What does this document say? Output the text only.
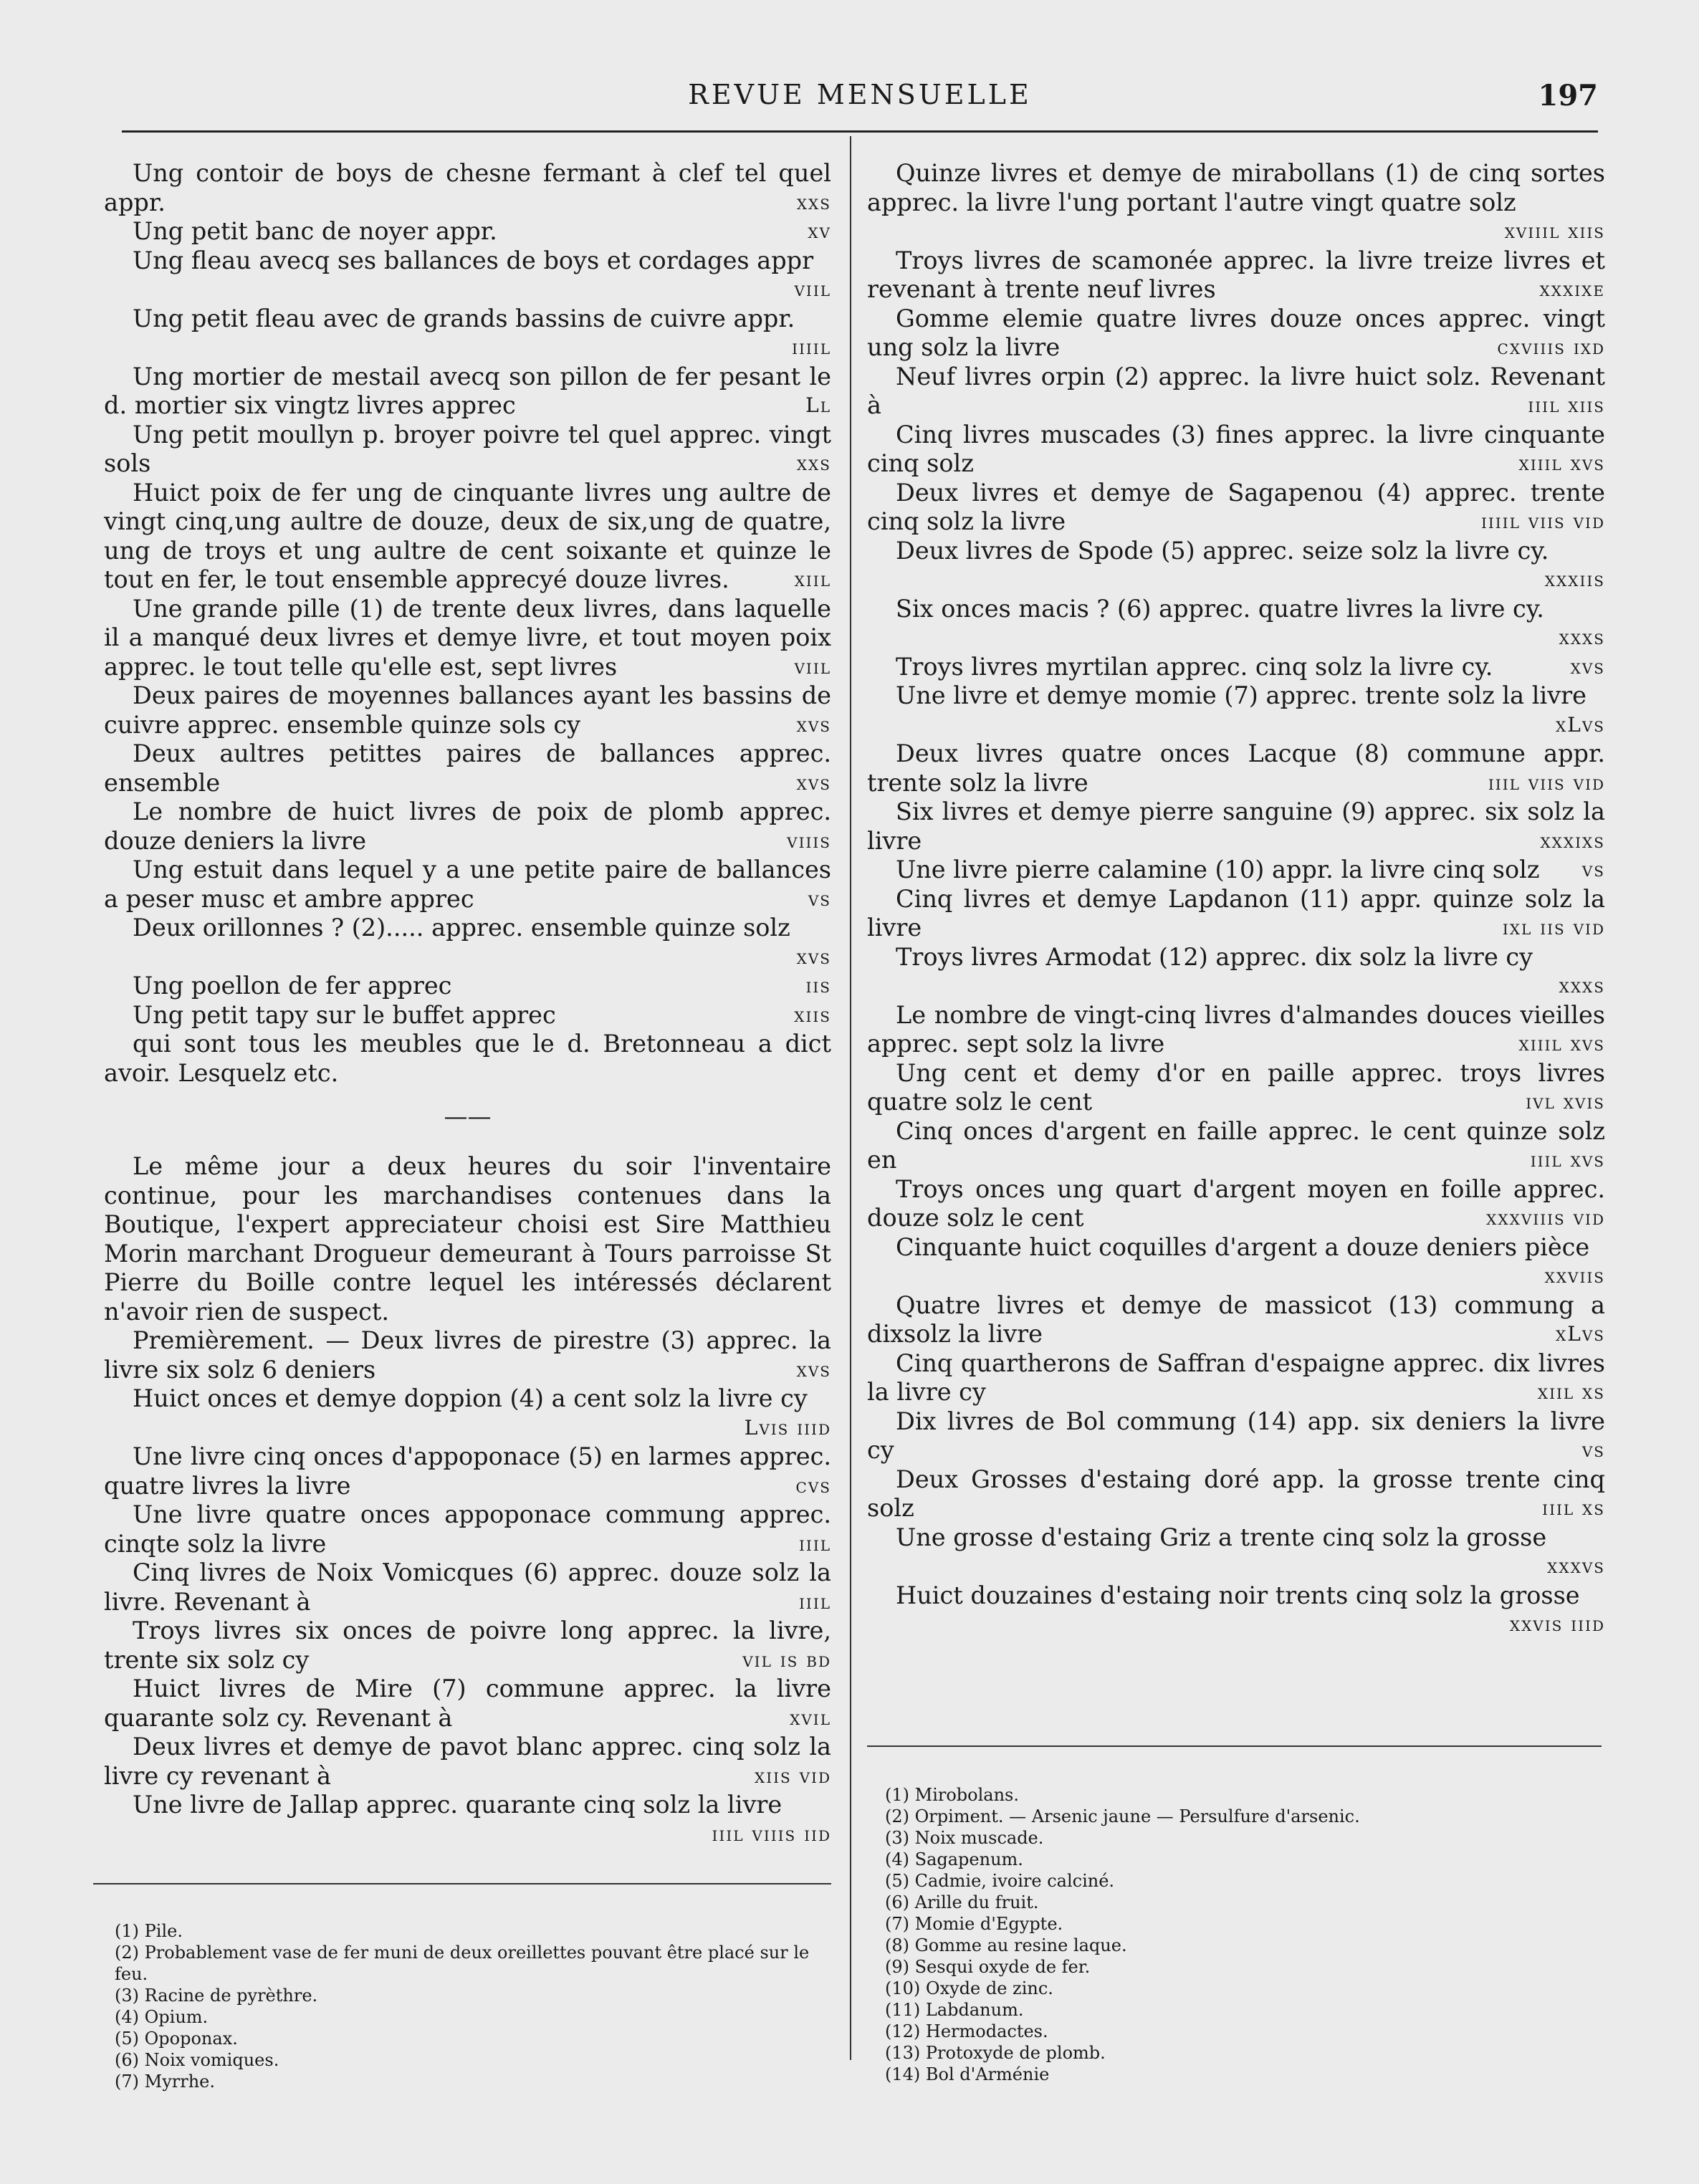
REVUE MENSUELLE	197
Ung contoir de boys de chesne fermant à clef tel quel appr.	xxs
Ung petit banc de noyer appr.	xv
Ung fleau avecq ses ballances de boys et cordages appr
viil
Ung petit fleau avec de grands bassins de cuivre appr.
iiiil
Ung mortier de mestail avecq son pillon de fer pesant le d. mortier six vingtz livres apprec	Ll
Ung petit moullyn p. broyer poivre tel quel apprec. vingt sols	xxs
Huict poix de fer ung de cinquante livres ung aultre de vingt cinq,ung aultre de douze, deux de six,ung de quatre, ung de troys et ung aultre de cent soixante et quinze le tout en fer, le tout ensemble apprecyé douze livres.	xiil
Une grande pille (1) de trente deux livres, dans laquelle il a manqué deux livres et demye livre, et tout moyen poix apprec. le tout telle qu'elle est, sept livres	viil
Deux paires de moyennes ballances ayant les bassins de cuivre apprec. ensemble quinze sols cy	xvs
Deux aultres petittes paires de ballances apprec. ensemble	xvs
Le nombre de huict livres de poix de plomb apprec. douze deniers la livre	viiis
Ung estuit dans lequel y a une petite paire de ballances a peser musc et ambre apprec	vs
Deux orillonnes ? (2)..... apprec. ensemble quinze solz
xvs
Ung poellon de fer apprec	iis
Ung petit tapy sur le buffet apprec	xiis
qui sont tous les meubles que le d. Bretonneau a dict avoir. Lesquelz etc.
——
Le même jour a deux heures du soir l'inventaire continue, pour les marchandises contenues dans la Boutique, l'expert appreciateur choisi est Sire Matthieu Morin marchant Drogueur demeurant à Tours parroisse St Pierre du Boille contre lequel les intéressés déclarent n'avoir rien de suspect.
Premièrement. — Deux livres de pirestre (3) apprec. la livre six solz 6 deniers	xvs
Huict onces et demye doppion (4) a cent solz la livre cy
Lvis iiid
Une livre cinq onces d'appoponace (5) en larmes apprec. quatre livres la livre	cvs
Une livre quatre onces appoponace commung apprec. cinqte solz la livre	iiil
Cinq livres de Noix Vomicques (6) apprec. douze solz la livre. Revenant à	iiil
Troys livres six onces de poivre long apprec. la livre, trente six solz cy	vil is bd
Huict livres de Mire (7) commune apprec. la livre quarante solz cy. Revenant à	xvil
Deux livres et demye de pavot blanc apprec. cinq solz la livre cy revenant à	xiis vid
Une livre de Jallap apprec. quarante cinq solz la livre
iiil viiis iid
(1) Pile.
(2) Probablement vase de fer muni de deux oreillettes pouvant être placé sur le feu.
(3) Racine de pyrèthre.
(4) Opium.
(5) Opoponax.
(6) Noix vomiques.
(7) Myrrhe.
Quinze livres et demye de mirabollans (1) de cinq sortes apprec. la livre l'ung portant l'autre vingt quatre solz
xviiil xiis
Troys livres de scamonée apprec. la livre treize livres et revenant à trente neuf livres	xxxixe
Gomme elemie quatre livres douze onces apprec. vingt ung solz la livre	cxviiis ixd
Neuf livres orpin (2) apprec. la livre huict solz. Revenant à	iiil xiis
Cinq livres muscades (3) fines apprec. la livre cinquante cinq solz	xiiil xvs
Deux livres et demye de Sagapenou (4) apprec. trente cinq solz la livre	iiiil viis vid
Deux livres de Spode (5) apprec. seize solz la livre cy.
xxxiis
Six onces macis ? (6) apprec. quatre livres la livre cy.
xxxs
Troys livres myrtilan apprec. cinq solz la livre cy.	xvs
Une livre et demye momie (7) apprec. trente solz la livre
xLvs
Deux livres quatre onces Lacque (8) commune appr. trente solz la livre	iiil viis vid
Six livres et demye pierre sanguine (9) apprec. six solz la livre	xxxixs
Une livre pierre calamine (10) appr. la livre cinq solz	vs
Cinq livres et demye Lapdanon (11) appr. quinze solz la livre	ixl iis vid
Troys livres Armodat (12) apprec. dix solz la livre cy
xxxs
Le nombre de vingt-cinq livres d'almandes douces vieilles apprec. sept solz la livre	xiiil xvs
Ung cent et demy d'or en paille apprec. troys livres quatre solz le cent	ivl xvis
Cinq onces d'argent en faille apprec. le cent quinze solz en	iiil xvs
Troys onces ung quart d'argent moyen en foille apprec. douze solz le cent	xxxviiis vid
Cinquante huict coquilles d'argent a douze deniers pièce
xxviis
Quatre livres et demye de massicot (13) commung a dixsolz la livre	xLvs
Cinq quartherons de Saffran d'espaigne apprec. dix livres la livre cy	xiil xs
Dix livres de Bol commung (14) app. six deniers la livre cy	vs
Deux Grosses d'estaing doré app. la grosse trente cinq solz	iiil xs
Une grosse d'estaing Griz a trente cinq solz la grosse
xxxvs
Huict douzaines d'estaing noir trents cinq solz la grosse
xxvis iiid
(1) Mirobolans.
(2) Orpiment. — Arsenic jaune — Persulfure d'arsenic.
(3) Noix muscade.
(4) Sagapenum.
(5) Cadmie, ivoire calciné.
(6) Arille du fruit.
(7) Momie d'Egypte.
(8) Gomme au resine laque.
(9) Sesqui oxyde de fer.
(10) Oxyde de zinc.
(11) Labdanum.
(12) Hermodactes.
(13) Protoxyde de plomb.
(14) Bol d'Arménie
